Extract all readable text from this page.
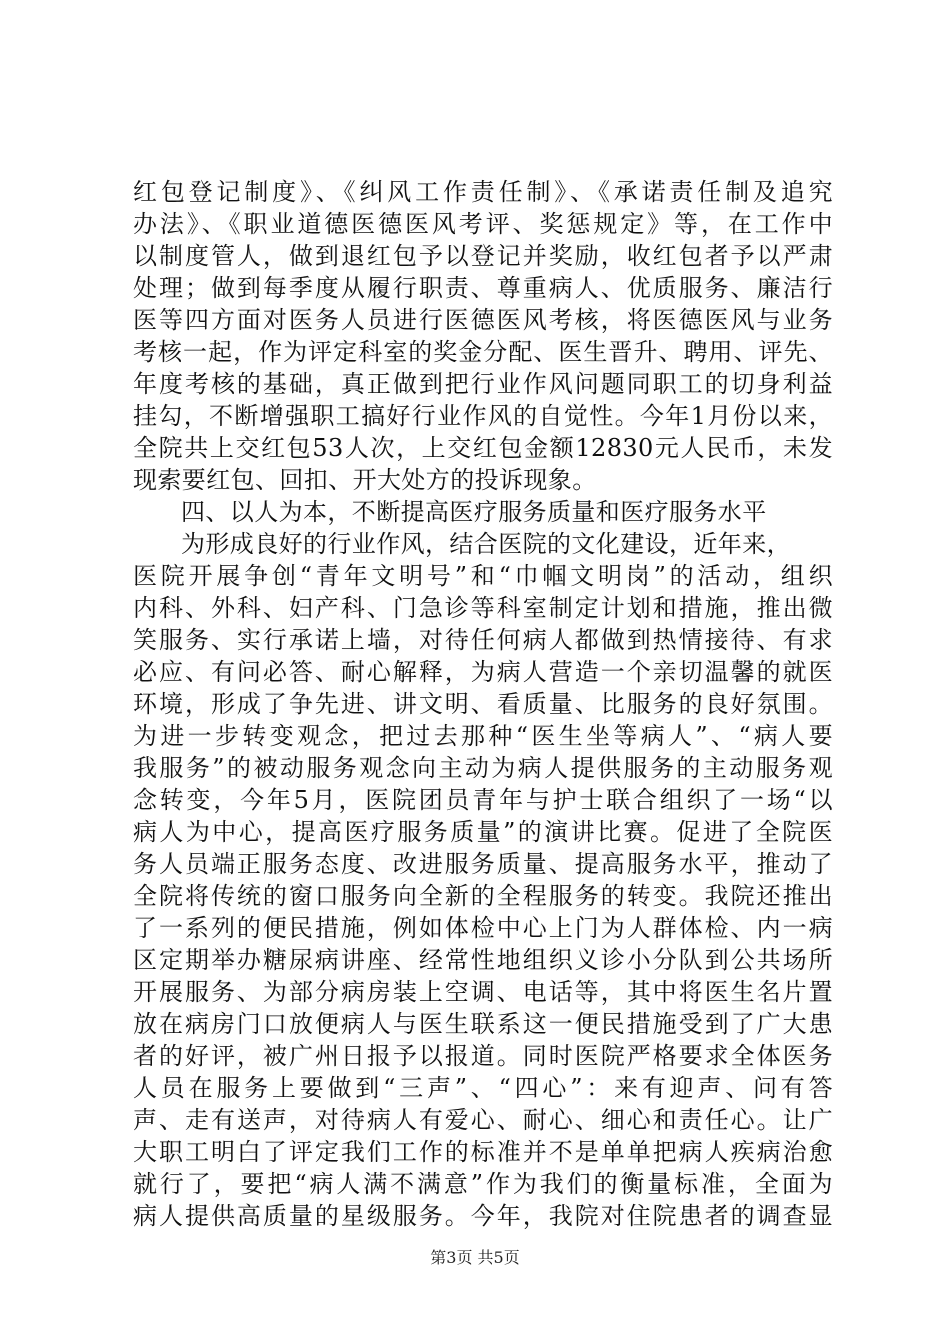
红包登记制度》、《纠风工作责任制》、《承诺责任制及追究
办法》、《职业道德医德医风考评、奖惩规定》等，在工作中
以制度管人，做到退红包予以登记并奖励，收红包者予以严肃
处理；做到每季度从履行职责、尊重病人、优质服务、廉洁行
医等四方面对医务人员进行医德医风考核，将医德医风与业务
考核一起，作为评定科室的奖金分配、医生晋升、聘用、评先、
年度考核的基础，真正做到把行业作风问题同职工的切身利益
挂勾，不断增强职工搞好行业作风的自觉性。今年1月份以来，
全院共上交红包53人次，上交红包金额12830元人民币，未发
现索要红包、回扣、开大处方的投诉现象。
四、以人为本，不断提高医疗服务质量和医疗服务水平
为形成良好的行业作风，结合医院的文化建设，近年来，
医院开展争创“青年文明号”和“巾帼文明岗”的活动，组织
内科、外科、妇产科、门急诊等科室制定计划和措施，推出微
笑服务、实行承诺上墙，对待任何病人都做到热情接待、有求
必应、有问必答、耐心解释，为病人营造一个亲切温馨的就医
环境，形成了争先进、讲文明、看质量、比服务的良好氛围。
为进一步转变观念，把过去那种“医生坐等病人”、“病人要
我服务”的被动服务观念向主动为病人提供服务的主动服务观
念转变，今年5月，医院团员青年与护士联合组织了一场“以
病人为中心，提高医疗服务质量”的演讲比赛。促进了全院医
务人员端正服务态度、改进服务质量、提高服务水平，推动了
全院将传统的窗口服务向全新的全程服务的转变。我院还推出
了一系列的便民措施，例如体检中心上门为人群体检、内一病
区定期举办糖尿病讲座、经常性地组织义诊小分队到公共场所
开展服务、为部分病房装上空调、电话等，其中将医生名片置
放在病房门口放便病人与医生联系这一便民措施受到了广大患
者的好评，被广州日报予以报道。同时医院严格要求全体医务
人员在服务上要做到“三声”、“四心”：来有迎声、问有答
声、走有送声，对待病人有爱心、耐心、细心和责任心。让广
大职工明白了评定我们工作的标准并不是单单把病人疾病治愈
就行了，要把“病人满不满意”作为我们的衡量标准，全面为
病人提供高质量的星级服务。今年，我院对住院患者的调查显
第3页 共5页
